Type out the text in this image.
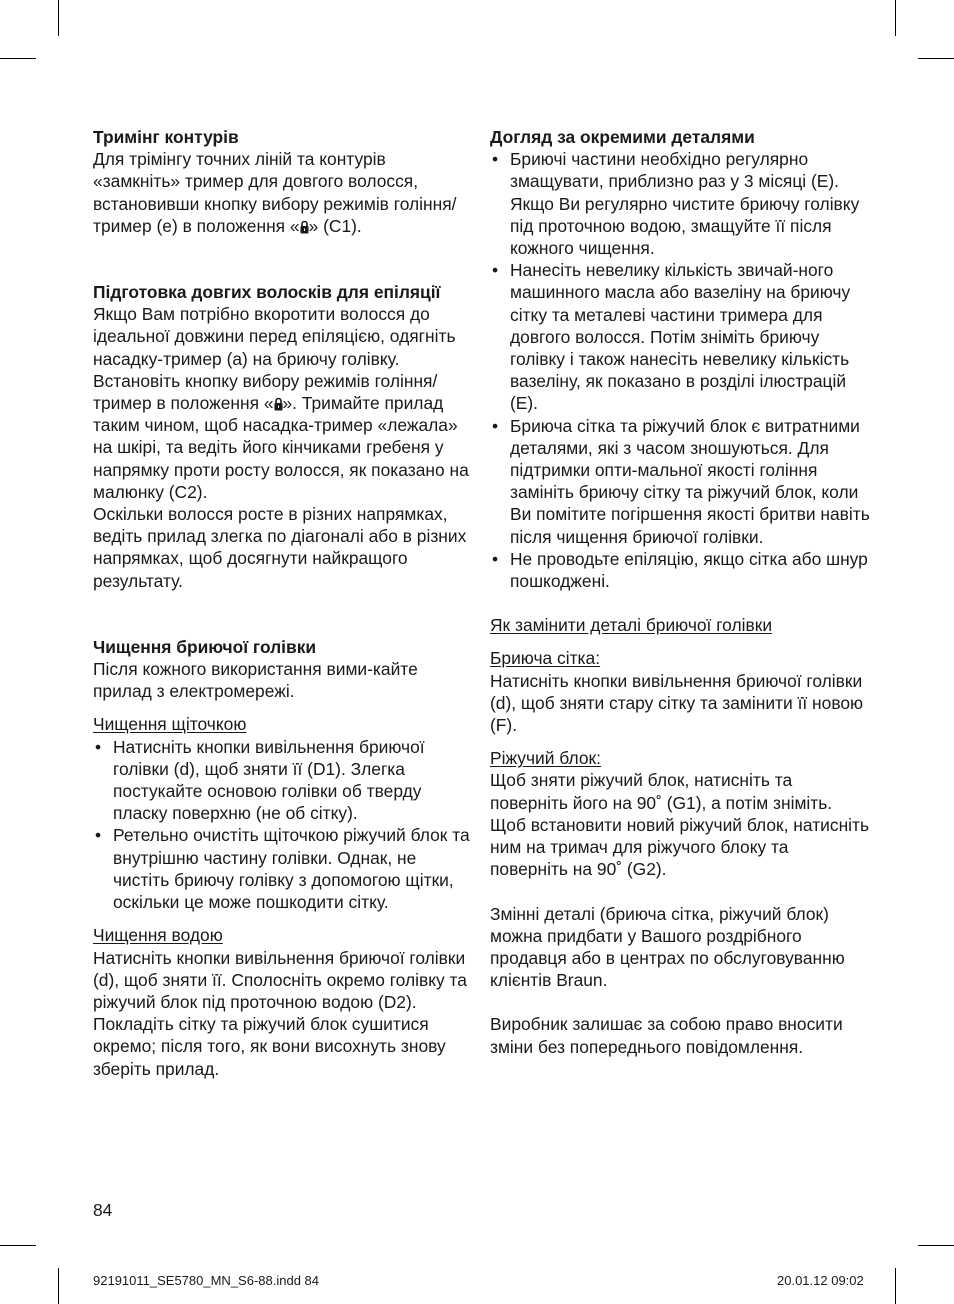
Тримінг контурів
Для трімінгу точних ліній та контурів «замкніть» тример для довгого волосся, встановивши кнопку вибору режимів гоління/тример (e) в положення « » (C1).
Підготовка довгих волосків для епіляції
Якщо Вам потрібно вкоротити волосся до ідеальної довжини перед епіляцією, одягніть насадку-тример (a) на бриючу голівку. Встановіть кнопку вибору режимів гоління/тример в положення « ». Тримайте прилад таким чином, щоб насадка-тример «лежала» на шкірі, та ведіть його кінчиками гребеня у напрямку проти росту волосся, як показано на малюнку (C2).
Оскільки волосся росте в різних напрямках, ведіть прилад злегка по діагоналі або в різних напрямках, щоб досягнути найкращого результату.
Чищення бриючої голівки
Після кожного використання вими-кайте прилад з електромережі.
Чищення щіточкою
• Натисніть кнопки вивільнення бриючої голівки (d), щоб зняти її (D1). Злегка постукайте основою голівки об тверду пласку поверхню (не об сітку).
• Ретельно очистіть щіточкою ріжучий блок та внутрішню частину голівки. Однак, не чистіть бриючу голівку з допомогою щітки, оскільки це може пошкодити сітку.
Чищення водою
Натисніть кнопки вивільнення бриючої голівки (d), щоб зняти її. Сполосніть окремо голівку та ріжучий блок під проточною водою (D2). Покладіть сітку та ріжучий блок сушитися окремо; після того, як вони висохнуть знову зберіть прилад.
Догляд за окремими деталями
• Бриючі частини необхідно регулярно змащувати, приблизно раз у 3 місяці (E). Якщо Ви регулярно чистите бриючу голівку під проточною водою, змащуйте її після кожного чищення.
• Нанесіть невелику кількість звичай-ного машинного масла або вазеліну на бриючу сітку та металеві частини тримера для довгого волосся. Потім зніміть бриючу голівку і також нанесіть невелику кількість вазеліну, як показано в розділі ілюстрацій (E).
• Бриюча сітка та ріжучий блок є витратними деталями, які з часом зношуються. Для підтримки опти-мальної якості гоління замініть бриючу сітку та ріжучий блок, коли Ви помітите погіршення якості бритви навіть після чищення бриючої голівки.
• Не проводьте епіляцію, якщо сітка або шнур пошкоджені.
Як замінити деталі бриючої голівки
Бриюча сітка:
Натисніть кнопки вивільнення бриючої голівки (d), щоб зняти стару сітку та замінити її новою (F).
Ріжучий блок:
Щоб зняти ріжучий блок, натисніть та поверніть його на 90˚ (G1), а потім зніміть. Щоб встановити новий ріжучий блок, натисніть ним на тримач для ріжучого блоку та поверніть на 90˚ (G2).
Змінні деталі (бриюча сітка, ріжучий блок) можна придбати у Вашого роздрібного продавця або в центрах по обслуговуванню клієнтів Braun.
Виробник залишає за собою право вносити зміни без попереднього повідомлення.
84
92191011_SE5780_MN_S6-88.indd 84	20.01.12 09:02
